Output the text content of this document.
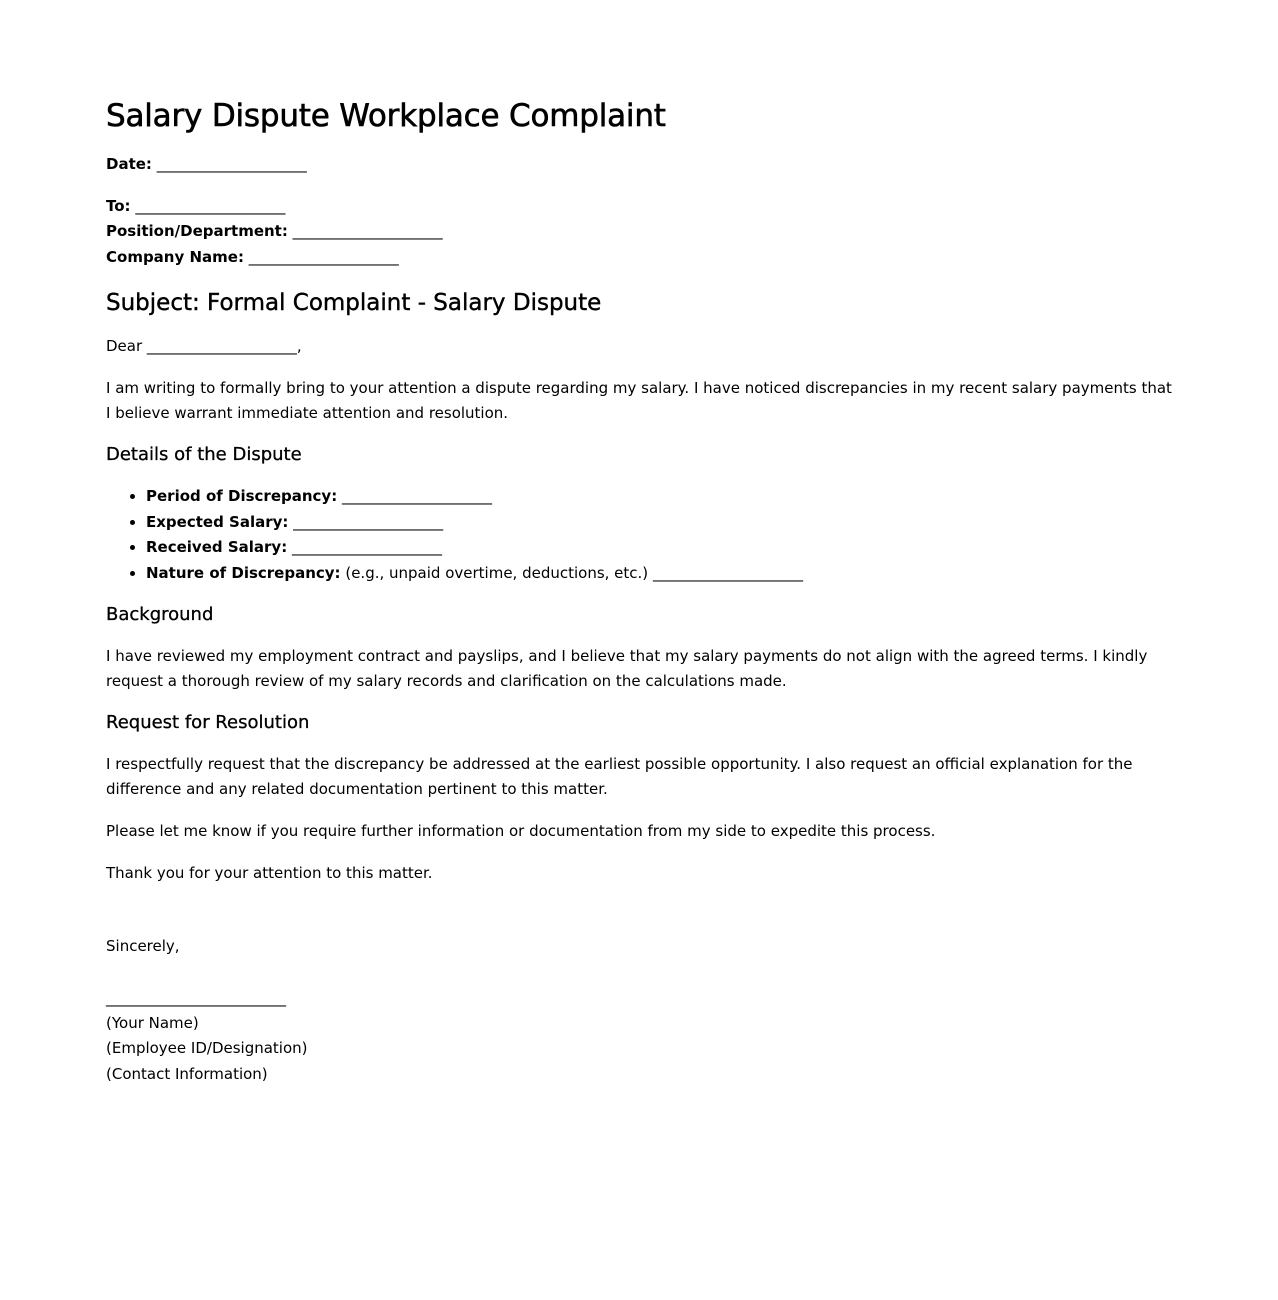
Salary Dispute Workplace Complaint

Date: ____________________

To: ____________________

Position/Department: ____________________

Company Name: ____________________

Subject: Formal Complaint - Salary Dispute

Dear ____________________,

I am writing to formally bring to your attention a dispute regarding my salary. I have noticed discrepancies in my recent salary payments that I believe warrant immediate attention and resolution.

Details of the Dispute
• Period of Discrepancy: ____________________
• Expected Salary: ____________________
• Received Salary: ____________________
• Nature of Discrepancy: (e.g., unpaid overtime, deductions, etc.) ____________________
Background

I have reviewed my employment contract and payslips, and I believe that my salary payments do not align with the agreed terms. I kindly request a thorough review of my salary records and clarification on the calculations made.

Request for Resolution

I respectfully request that the discrepancy be addressed at the earliest possible opportunity. I also request an official explanation for the difference and any related documentation pertinent to this matter.

Please let me know if you require further information or documentation from my side to expedite this process.

Thank you for your attention to this matter.

Sincerely,

________________________

(Your Name)

(Employee ID/Designation)

(Contact Information)
